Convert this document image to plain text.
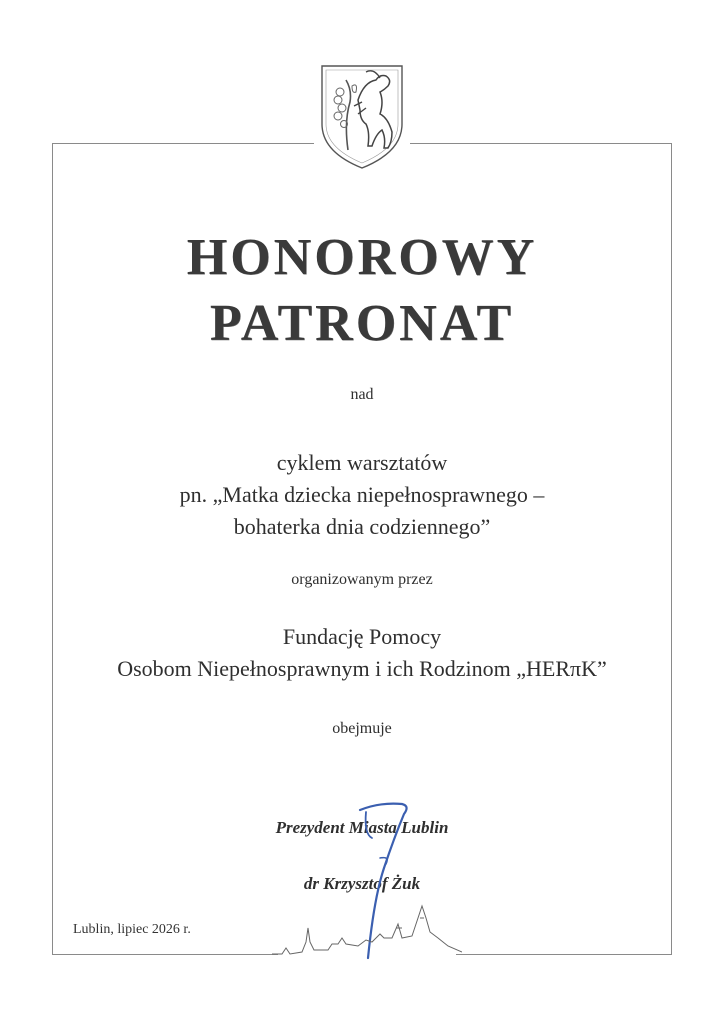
HONOROWY
PATRONAT
nad
cyklem warsztatów
pn. „Matka dziecka niepełnosprawnego –
bohaterka dnia codziennego”
organizowanym przez
Fundację Pomocy
Osobom Niepełnosprawnym i ich Rodzinom „HERπK”
obejmuje
Prezydent Miasta Lublin
dr Krzysztof Żuk
Lublin, lipiec 2026 r.
